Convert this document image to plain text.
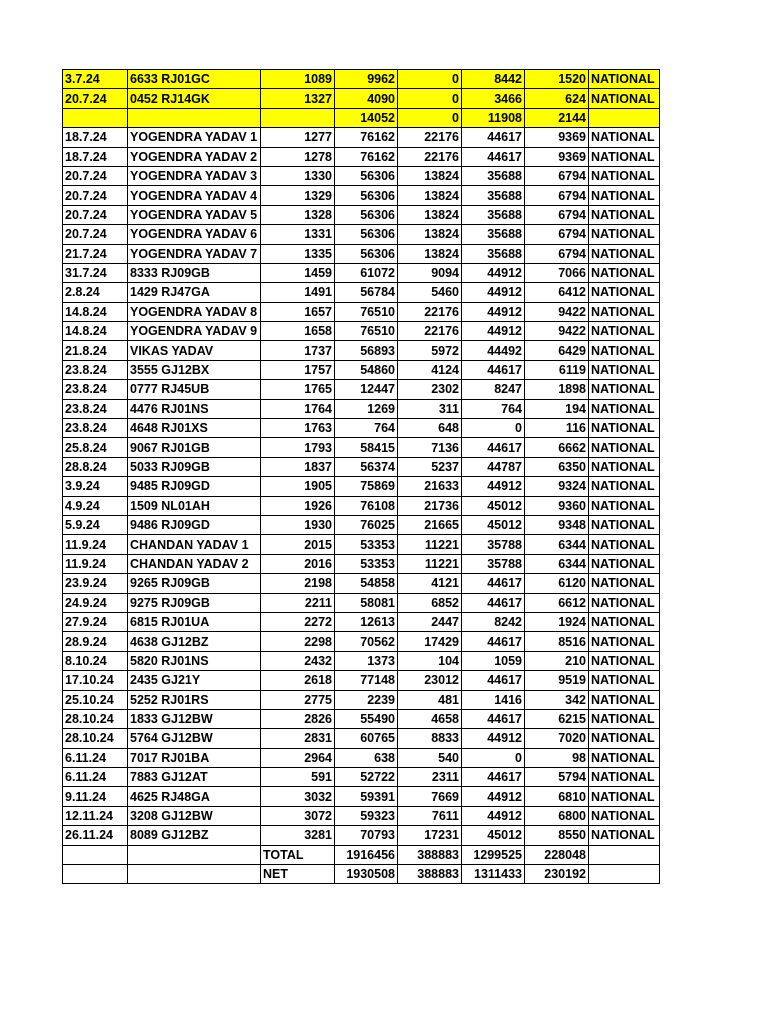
3.7.24	6633 RJ01GC	1089	9962	0	8442	1520	NATIONAL
20.7.24	0452 RJ14GK	1327	4090	0	3466	624	NATIONAL
			14052	0	11908	2144	
18.7.24	YOGENDRA YADAV 1	1277	76162	22176	44617	9369	NATIONAL
18.7.24	YOGENDRA YADAV 2	1278	76162	22176	44617	9369	NATIONAL
20.7.24	YOGENDRA YADAV 3	1330	56306	13824	35688	6794	NATIONAL
20.7.24	YOGENDRA YADAV 4	1329	56306	13824	35688	6794	NATIONAL
20.7.24	YOGENDRA YADAV 5	1328	56306	13824	35688	6794	NATIONAL
20.7.24	YOGENDRA YADAV 6	1331	56306	13824	35688	6794	NATIONAL
21.7.24	YOGENDRA YADAV 7	1335	56306	13824	35688	6794	NATIONAL
31.7.24	8333 RJ09GB	1459	61072	9094	44912	7066	NATIONAL
2.8.24	1429 RJ47GA	1491	56784	5460	44912	6412	NATIONAL
14.8.24	YOGENDRA YADAV 8	1657	76510	22176	44912	9422	NATIONAL
14.8.24	YOGENDRA YADAV 9	1658	76510	22176	44912	9422	NATIONAL
21.8.24	VIKAS YADAV	1737	56893	5972	44492	6429	NATIONAL
23.8.24	3555 GJ12BX	1757	54860	4124	44617	6119	NATIONAL
23.8.24	0777 RJ45UB	1765	12447	2302	8247	1898	NATIONAL
23.8.24	4476 RJ01NS	1764	1269	311	764	194	NATIONAL
23.8.24	4648 RJ01XS	1763	764	648	0	116	NATIONAL
25.8.24	9067 RJ01GB	1793	58415	7136	44617	6662	NATIONAL
28.8.24	5033 RJ09GB	1837	56374	5237	44787	6350	NATIONAL
3.9.24	9485 RJ09GD	1905	75869	21633	44912	9324	NATIONAL
4.9.24	1509 NL01AH	1926	76108	21736	45012	9360	NATIONAL
5.9.24	9486 RJ09GD	1930	76025	21665	45012	9348	NATIONAL
11.9.24	CHANDAN YADAV 1	2015	53353	11221	35788	6344	NATIONAL
11.9.24	CHANDAN YADAV 2	2016	53353	11221	35788	6344	NATIONAL
23.9.24	9265 RJ09GB	2198	54858	4121	44617	6120	NATIONAL
24.9.24	9275 RJ09GB	2211	58081	6852	44617	6612	NATIONAL
27.9.24	6815 RJ01UA	2272	12613	2447	8242	1924	NATIONAL
28.9.24	4638 GJ12BZ	2298	70562	17429	44617	8516	NATIONAL
8.10.24	5820 RJ01NS	2432	1373	104	1059	210	NATIONAL
17.10.24	2435 GJ21Y	2618	77148	23012	44617	9519	NATIONAL
25.10.24	5252 RJ01RS	2775	2239	481	1416	342	NATIONAL
28.10.24	1833 GJ12BW	2826	55490	4658	44617	6215	NATIONAL
28.10.24	5764 GJ12BW	2831	60765	8833	44912	7020	NATIONAL
6.11.24	7017 RJ01BA	2964	638	540	0	98	NATIONAL
6.11.24	7883 GJ12AT	591	52722	2311	44617	5794	NATIONAL
9.11.24	4625 RJ48GA	3032	59391	7669	44912	6810	NATIONAL
12.11.24	3208 GJ12BW	3072	59323	7611	44912	6800	NATIONAL
26.11.24	8089 GJ12BZ	3281	70793	17231	45012	8550	NATIONAL
		TOTAL	1916456	388883	1299525	228048	
		NET	1930508	388883	1311433	230192	
